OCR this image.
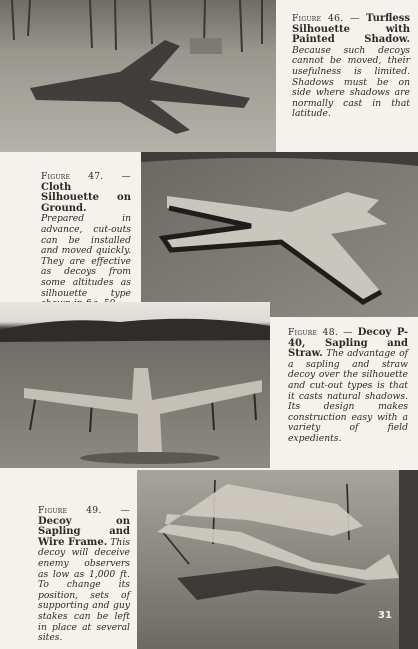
Figure 46. — Turfless Silhouette with Painted Shadow. Because such decoys cannot be moved, their usefulness is limited. Shadows must be on side where shadows are normally cast in that latitude.
Figure 47. — Cloth Silhouette on Ground. Prepared in advance, cut-outs can be installed and moved quickly. They are effective as decoys from some altitudes as silhouette type
Figure 48. — Decoy P-40, Sapling and Straw. The advantage of a sapling and straw decoy over the silhouette and cut-out types is that it casts natural shadows. Its design makes construction easy with a variety of field expedients.
Figure 49. — Decoy on Sapling and Wire Frame. This decoy will deceive enemy observers as low as 1,000 ft. To change its position, sets of supporting and guy stakes can be left in place at several sites.
31
